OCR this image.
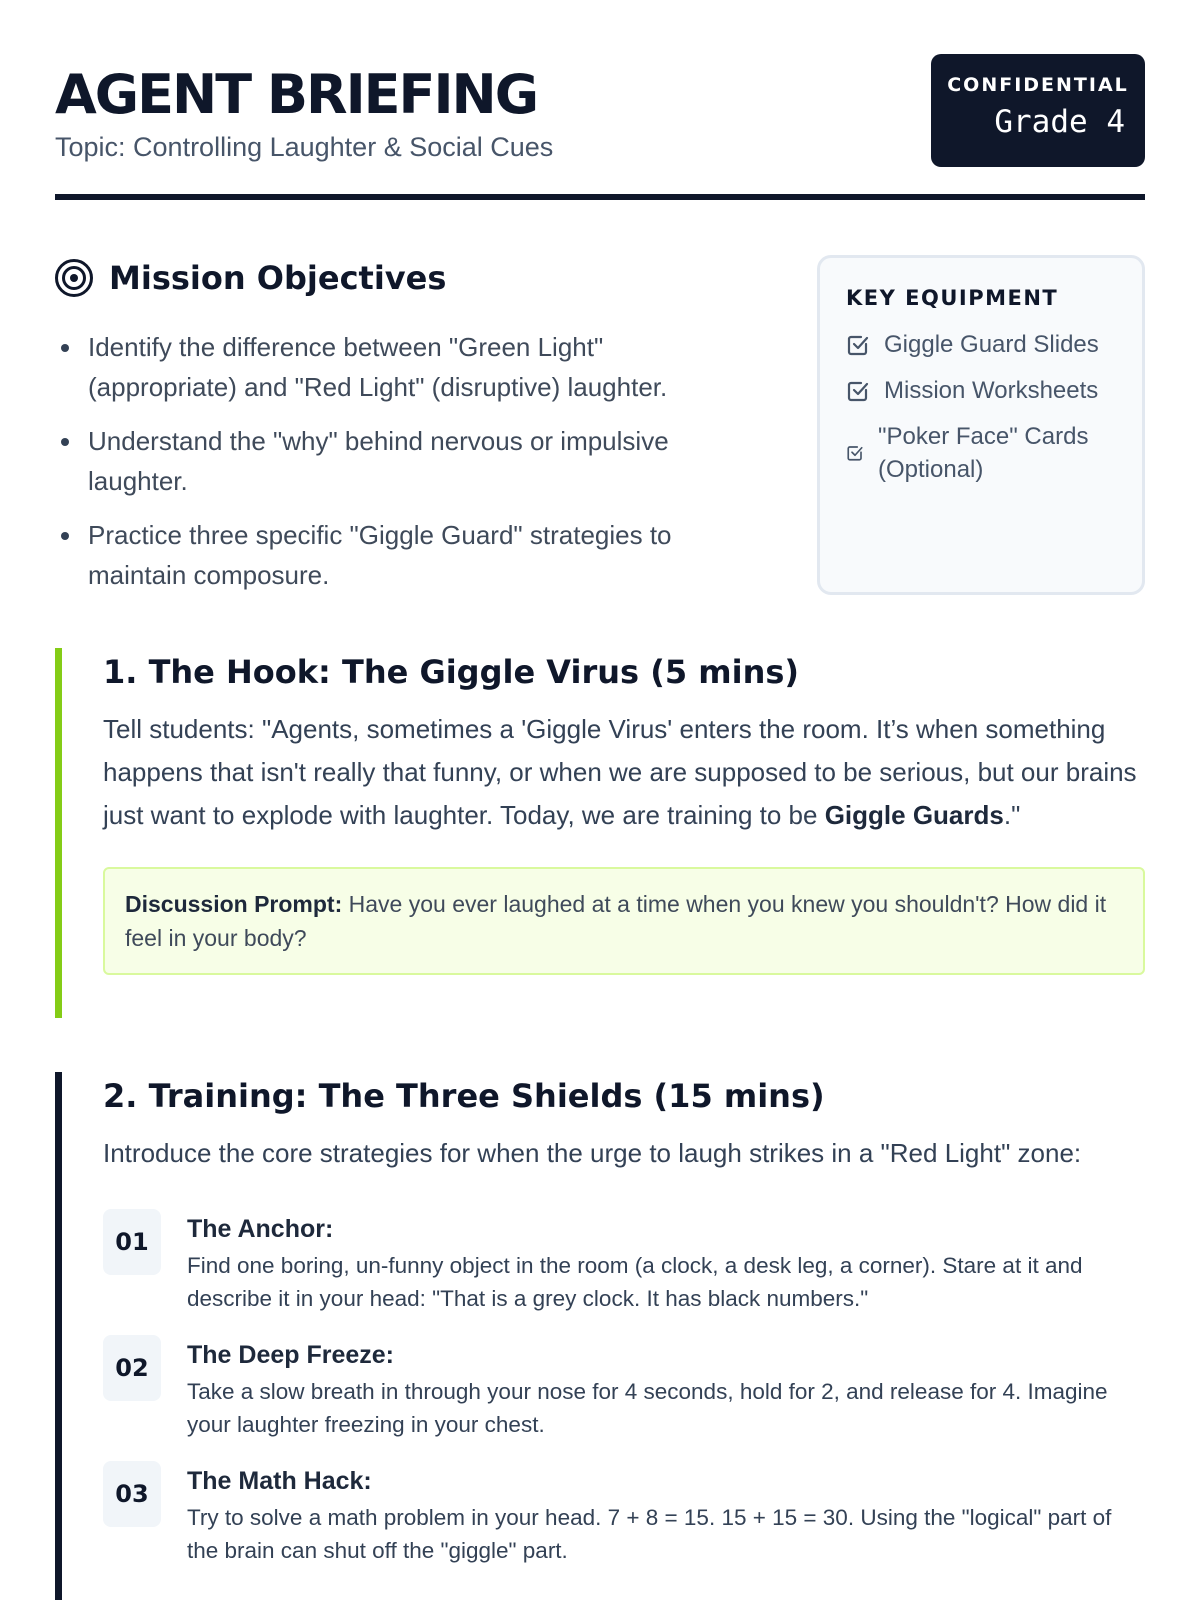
AGENT BRIEFING
Topic: Controlling Laughter & Social Cues
CONFIDENTIAL
Grade 4
Mission Objectives
Identify the difference between "Green Light" (appropriate) and "Red Light" (disruptive) laughter.
Understand the "why" behind nervous or impulsive laughter.
Practice three specific "Giggle Guard" strategies to maintain composure.
KEY EQUIPMENT
Giggle Guard Slides
Mission Worksheets
"Poker Face" Cards (Optional)
1. The Hook: The Giggle Virus (5 mins)
Tell students: "Agents, sometimes a 'Giggle Virus' enters the room. It’s when something happens that isn't really that funny, or when we are supposed to be serious, but our brains just want to explode with laughter. Today, we are training to be Giggle Guards."
Discussion Prompt: Have you ever laughed at a time when you knew you shouldn't? How did it feel in your body?
2. Training: The Three Shields (15 mins)
Introduce the core strategies for when the urge to laugh strikes in a "Red Light" zone:
01	The Anchor:
Find one boring, un-funny object in the room (a clock, a desk leg, a corner). Stare at it and describe it in your head: "That is a grey clock. It has black numbers."
02	The Deep Freeze:
Take a slow breath in through your nose for 4 seconds, hold for 2, and release for 4. Imagine your laughter freezing in your chest.
03	The Math Hack:
Try to solve a math problem in your head. 7 + 8 = 15. 15 + 15 = 30. Using the "logical" part of the brain can shut off the "giggle" part.
